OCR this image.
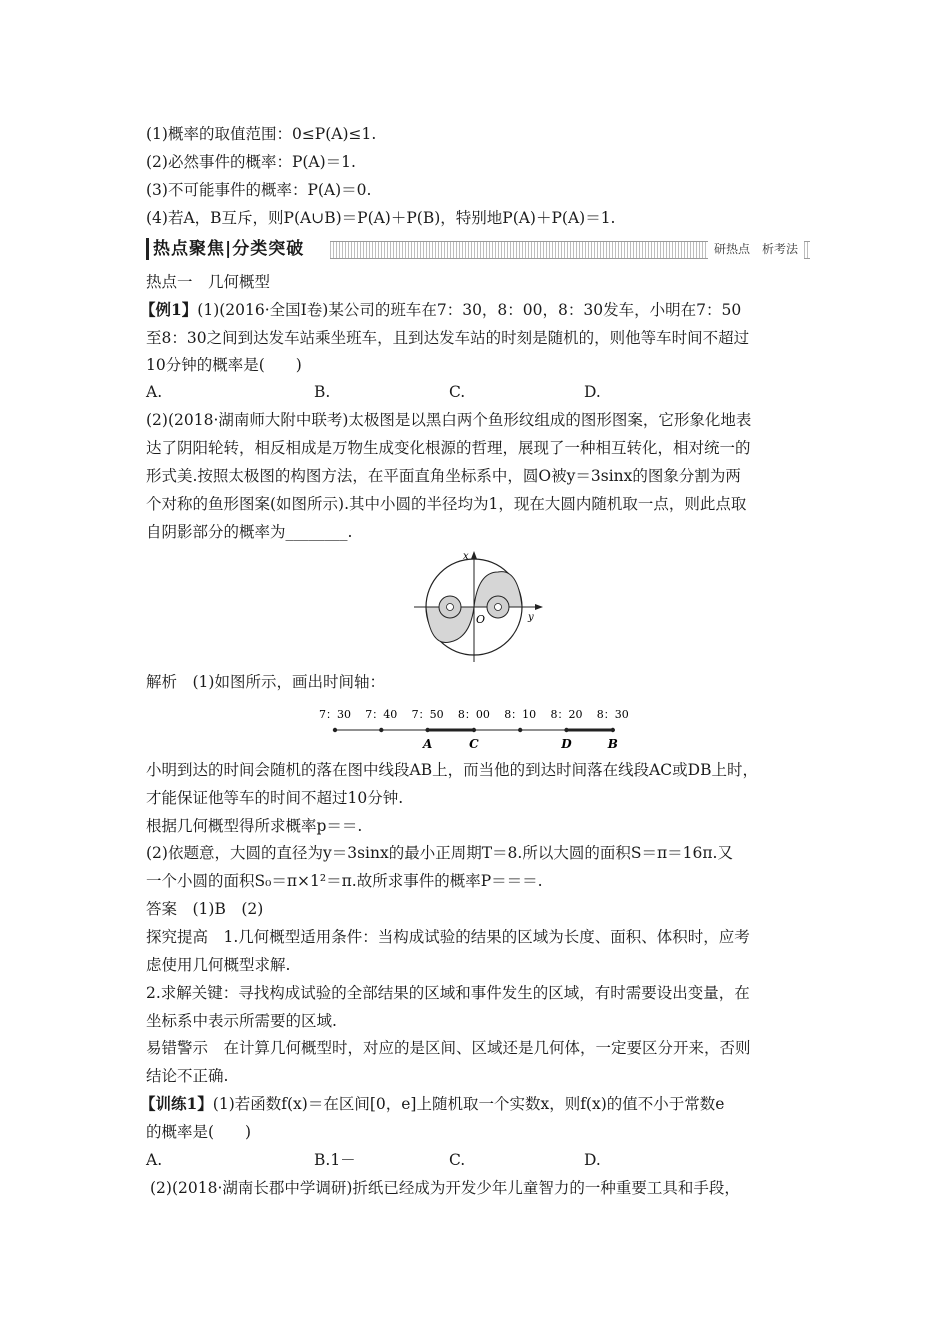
(1)概率的取值范围：0≤P(A)≤1.
(2)必然事件的概率：P(A)＝1.
(3)不可能事件的概率：P(A)＝0.
(4)若A，B互斥，则P(A∪B)＝P(A)＋P(B)，特别地P(A)＋P(A)＝1.
热点聚焦|分类突破	研热点　析考法
热点一　几何概型
【例1】(1)(2016·全国Ⅰ卷)某公司的班车在7：30，8：00，8：30发车，小明在7：50
至8：30之间到达发车站乘坐班车，且到达发车站的时刻是随机的，则他等车时间不超过
10分钟的概率是(　　)
A.	B.	C.	D.
(2)(2018·湖南师大附中联考)太极图是以黑白两个鱼形纹组成的图形图案，它形象化地表
达了阴阳轮转，相反相成是万物生成变化根源的哲理，展现了一种相互转化，相对统一的
形式美.按照太极图的构图方法，在平面直角坐标系中，圆O被y＝3sinx的图象分割为两
个对称的鱼形图案(如图所示).其中小圆的半径均为1，现在大圆内随机取一点，则此点取
自阴影部分的概率为________.
x
y
O
解析　(1)如图所示，画出时间轴：
7：30 7：40 7：50 8：00 8：10 8：20 8：30
A	C	D	B
小明到达的时间会随机的落在图中线段AB上，而当他的到达时间落在线段AC或DB上时，
才能保证他等车的时间不超过10分钟.
根据几何概型得所求概率p＝＝.
(2)依题意，大圆的直径为y＝3sinx的最小正周期T＝8.所以大圆的面积S＝π＝16π.又
一个小圆的面积S₀＝π×1²＝π.故所求事件的概率P＝＝＝.
答案　(1)B　(2)
探究提高　1.几何概型适用条件：当构成试验的结果的区域为长度、面积、体积时，应考
虑使用几何概型求解.
2.求解关键：寻找构成试验的全部结果的区域和事件发生的区域，有时需要设出变量，在
坐标系中表示所需要的区域.
易错警示　在计算几何概型时，对应的是区间、区域还是几何体，一定要区分开来，否则
结论不正确.
【训练1】(1)若函数f(x)＝在区间[0，e]上随机取一个实数x，则f(x)的值不小于常数e
的概率是(　　)
A.	B.1－	C.	D.
(2)(2018·湖南长郡中学调研)折纸已经成为开发少年儿童智力的一种重要工具和手段，
